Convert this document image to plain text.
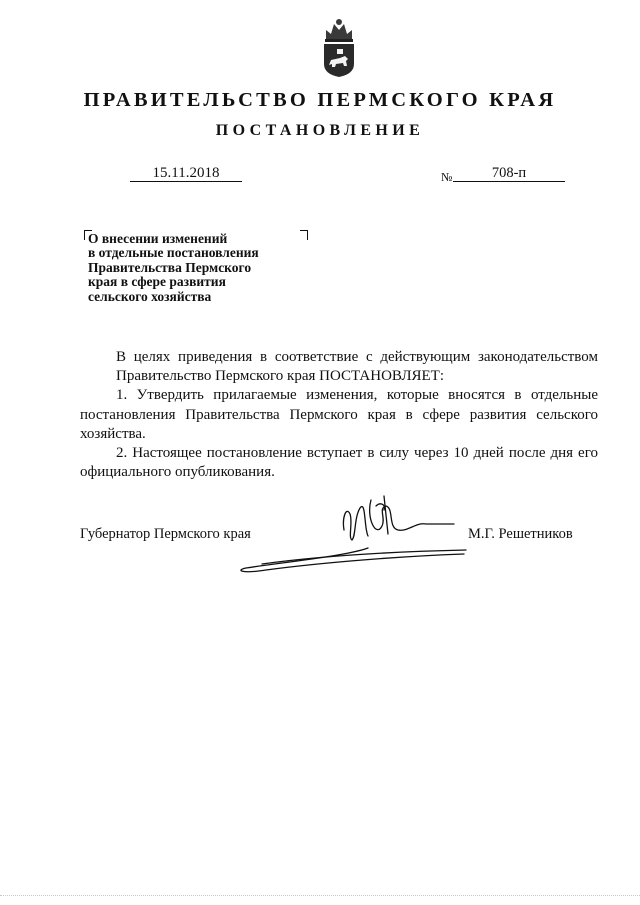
ПРАВИТЕЛЬСТВО ПЕРМСКОГО КРАЯ
ПОСТАНОВЛЕНИЕ
15.11.2018	№	708-п
О внесении изменений
в отдельные постановления
Правительства Пермского
края в сфере развития
сельского хозяйства

В целях приведения в соответствие с действующим законодательством

Правительство Пермского края ПОСТАНОВЛЯЕТ:

1. Утвердить прилагаемые изменения, которые вносятся в отдельные постановления Правительства Пермского края в сфере развития сельского хозяйства.

2. Настоящее постановление вступает в силу через 10 дней после дня его официального опубликования.

Губернатор Пермского края	М.Г. Решетников
